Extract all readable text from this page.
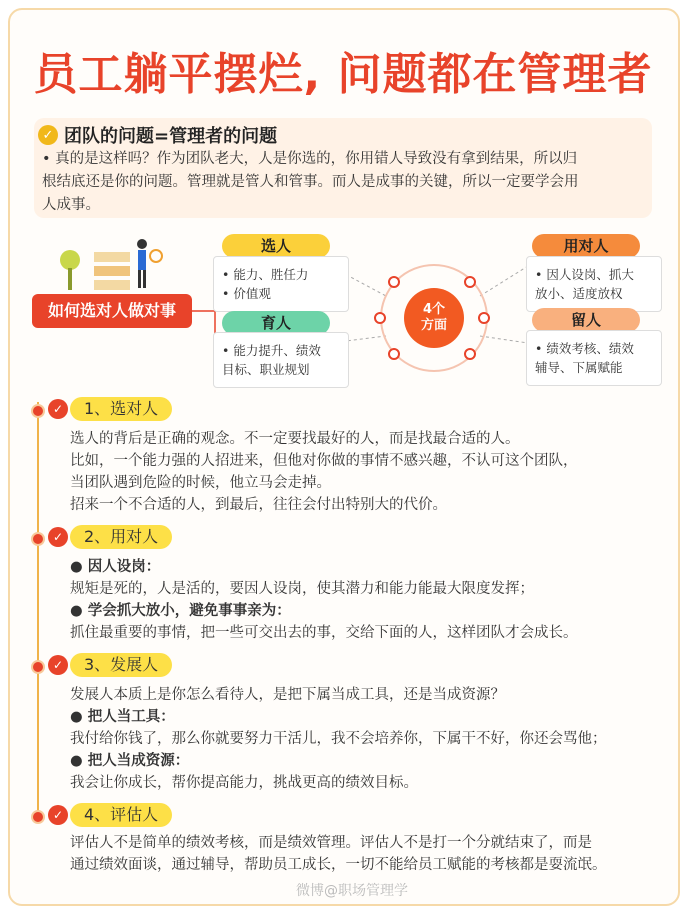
员工躺平摆烂, 问题都在管理者
✓ 团队的问题=管理者的问题
• 真的是这样吗？作为团队老大，人是你选的，你用错人导致没有拿到结果，所以归
根结底还是你的问题。管理就是管人和管事。而人是成事的关键，所以一定要学会用
人成事。
如何选对人做对事
选人
• 能力、胜任力
• 价值观
育人
• 能力提升、绩效
目标、职业规划
4个
方面
用对人
• 因人设岗、抓大
放小、适度放权
留人
• 绩效考核、绩效
辅导、下属赋能
✓	1、选对人
选人的背后是正确的观念。不一定要找最好的人，而是找最合适的人。
比如，一个能力强的人招进来，但他对你做的事情不感兴趣，不认可这个团队，
当团队遇到危险的时候，他立马会走掉。
招来一个不合适的人，到最后，往往会付出特别大的代价。
✓	2、用对人
● 因人设岗：
规矩是死的，人是活的，要因人设岗，使其潜力和能力能最大限度发挥；
● 学会抓大放小，避免事事亲为：
抓住最重要的事情，把一些可交出去的事，交给下面的人，这样团队才会成长。
✓	3、发展人
发展人本质上是你怎么看待人，是把下属当成工具，还是当成资源？
● 把人当工具：
我付给你钱了，那么你就要努力干活儿，我不会培养你，下属干不好，你还会骂他；
● 把人当成资源：
我会让你成长，帮你提高能力，挑战更高的绩效目标。
✓	4、评估人
评估人不是简单的绩效考核，而是绩效管理。评估人不是打一个分就结束了，而是
通过绩效面谈，通过辅导，帮助员工成长，一切不能给员工赋能的考核都是耍流氓。
微博@职场管理学
